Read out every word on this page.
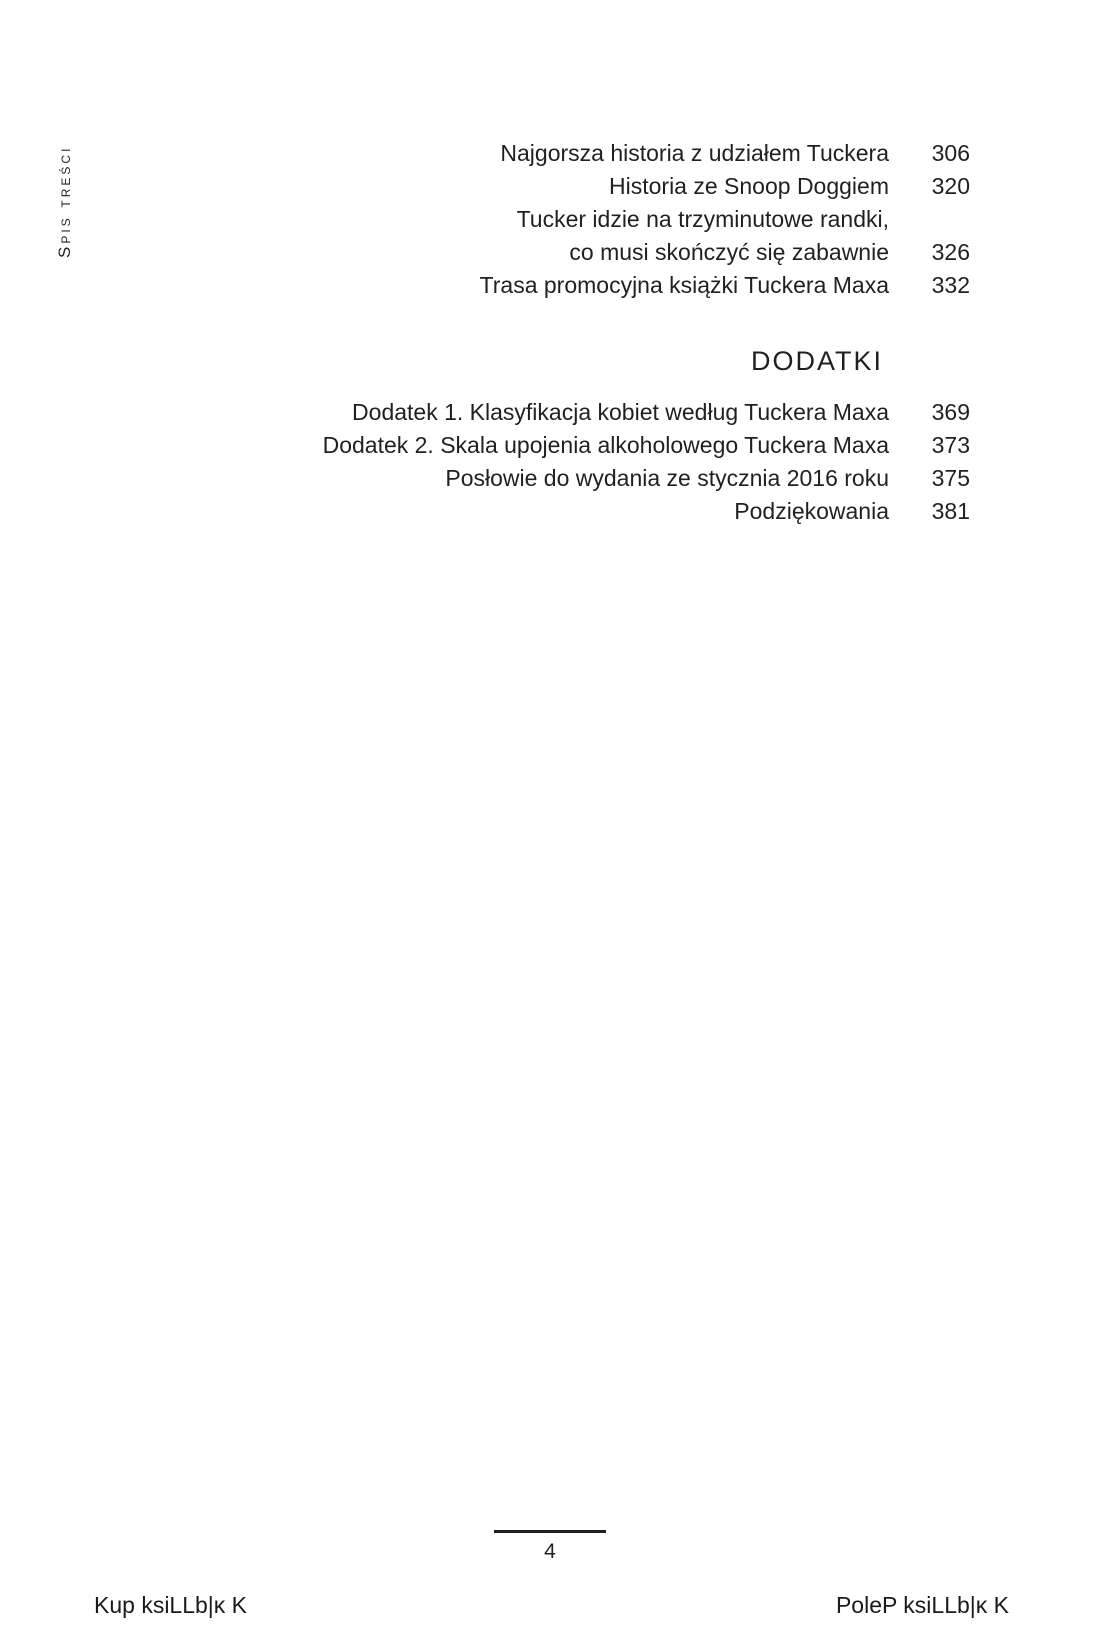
Spis treści	Najgorsza historia z udziałem Tuckera	306
Historia ze Snoop Doggiem	320
Tucker idzie na trzyminutowe randki,
co musi skończyć się zabawnie	326
Trasa promocyjna książki Tuckera Maxa	332
DODATKI
Dodatek 1. Klasyfikacja kobiet według Tuckera Maxa	369
Dodatek 2. Skala upojenia alkoholowego Tuckera Maxa	373
Posłowie do wydania ze stycznia 2016 roku	375
Podziękowania	381
4
Kup ksiLLb|κ K	PoleP ksiLLb|κ K
